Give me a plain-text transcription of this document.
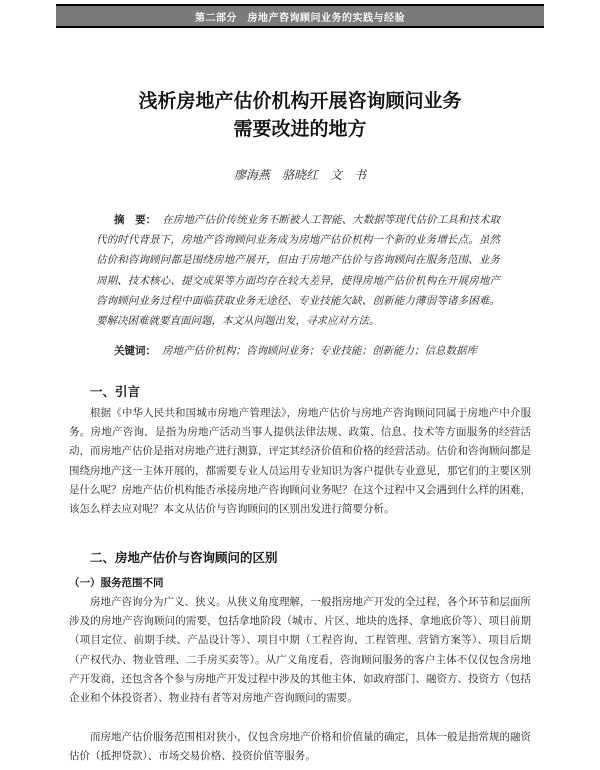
第二部分　房地产咨询顾问业务的实践与经验
浅析房地产估价机构开展咨询顾问业务
需要改进的地方
廖海燕　骆晓红　文　书
摘　要： 在房地产估价传统业务不断被人工智能、大数据等现代估价工具和技术取代的时代背景下，房地产咨询顾问业务成为房地产估价机构一个新的业务增长点。虽然估价和咨询顾问都是围绕房地产展开，但由于房地产估价与咨询顾问在服务范围、业务周期、技术核心、提交成果等方面均存在较大差异，使得房地产估价机构在开展房地产咨询顾问业务过程中面临获取业务无途径、专业技能欠缺、创新能力薄弱等诸多困难。要解决困难就要直面问题，本文从问题出发，寻求应对方法。
关键词： 房地产估价机构；咨询顾问业务；专业技能；创新能力；信息数据库
一、引言
根据《中华人民共和国城市房地产管理法》，房地产估价与房地产咨询顾问同属于房地产中介服务。房地产咨询，是指为房地产活动当事人提供法律法规、政策、信息、技术等方面服务的经营活动，而房地产估价是指对房地产进行测算，评定其经济价值和价格的经营活动。估价和咨询顾问都是围绕房地产这一主体开展的，都需要专业人员运用专业知识为客户提供专业意见，那它们的主要区别是什么呢？房地产估价机构能否承接房地产咨询顾问业务呢？在这个过程中又会遇到什么样的困难，该怎么样去应对呢？本文从估价与咨询顾问的区别出发进行简要分析。
二、房地产估价与咨询顾问的区别
（一）服务范围不同
房地产咨询分为广义、狭义。从狭义角度理解，一般指房地产开发的全过程，各个环节和层面所涉及的房地产咨询顾问的需要，包括拿地阶段（城市、片区、地块的选择、拿地底价等）、项目前期（项目定位、前期手续、产品设计等）、项目中期（工程咨询、工程管理、营销方案等）、项目后期（产权代办、物业管理、二手房买卖等）。从广义角度看，咨询顾问服务的客户主体不仅仅包含房地产开发商，还包含各个参与房地产开发过程中涉及的其他主体，如政府部门、融资方、投资方（包括企业和个体投资者）、物业持有者等对房地产咨询顾问的需要。
而房地产估价服务范围相对狭小，仅包含房地产价格和价值量的确定，具体一般是指常规的融资估价（抵押贷款）、市场交易价格、投资价值等服务。
